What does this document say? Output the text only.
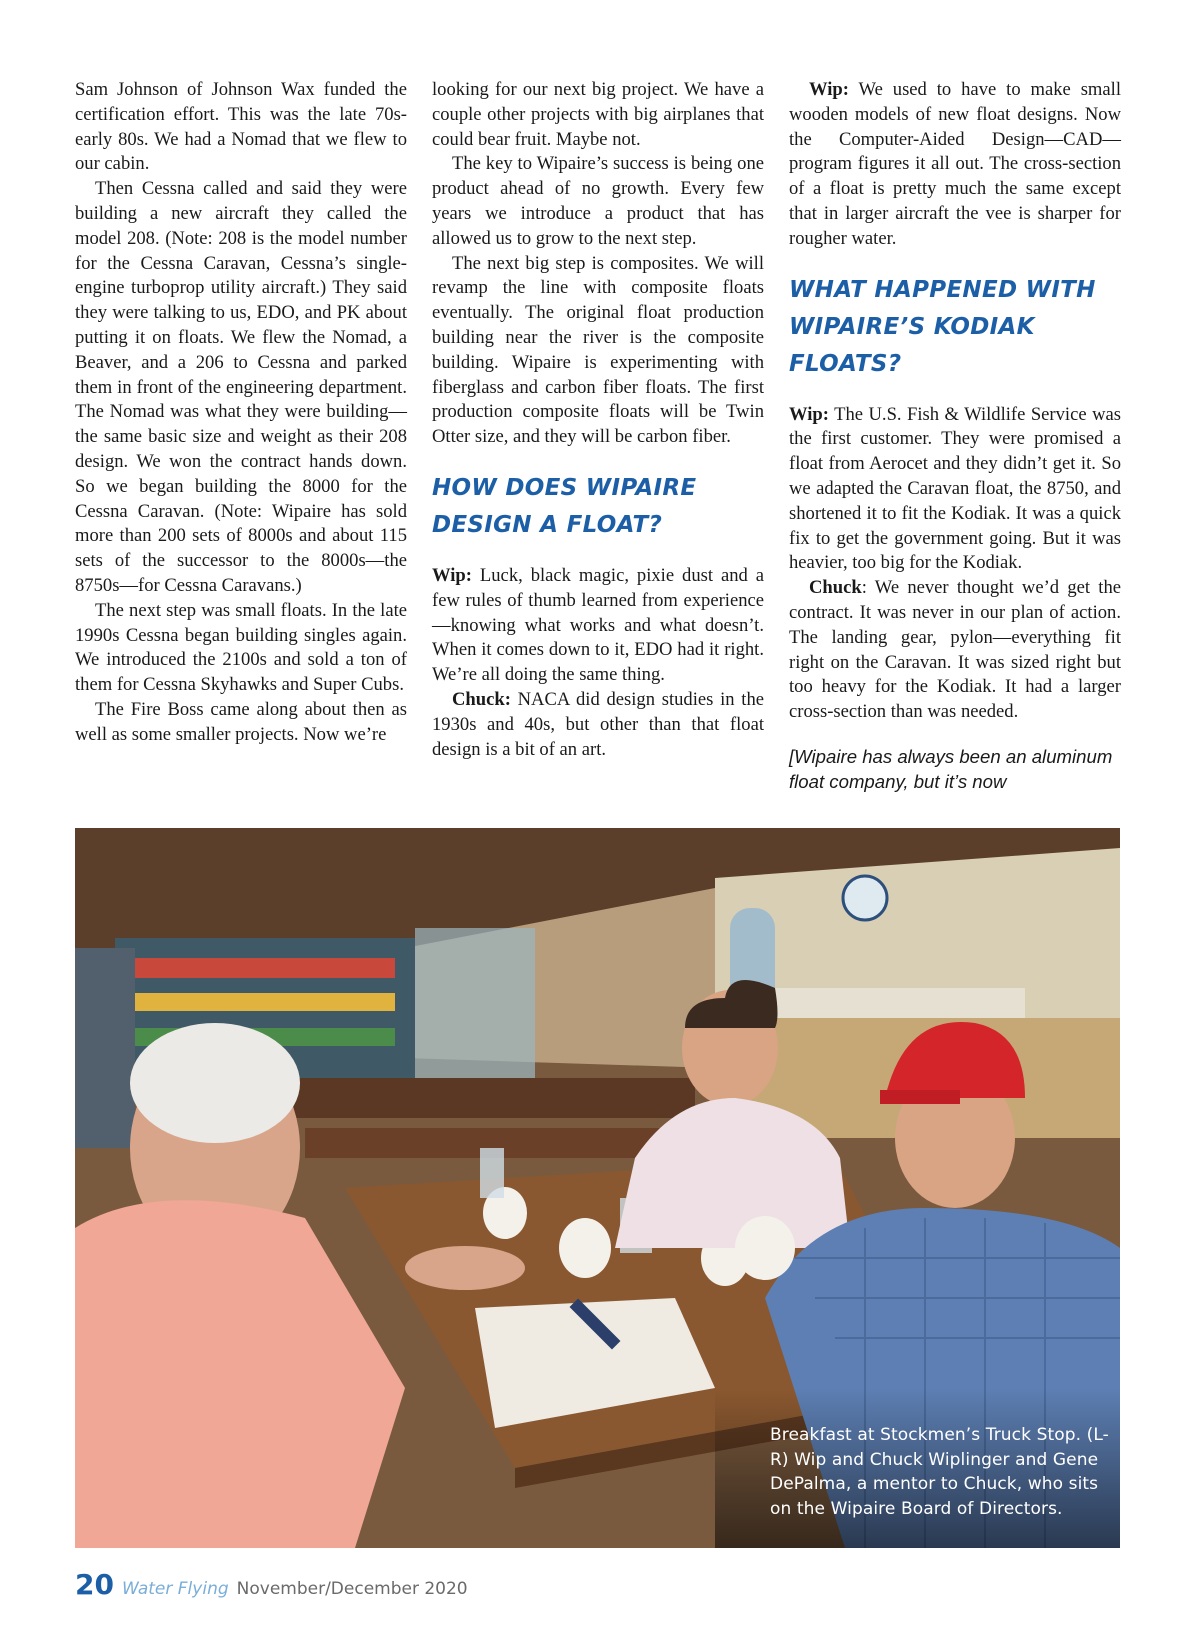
Sam Johnson of Johnson Wax funded the certification effort. This was the late 70s-early 80s. We had a Nomad that we flew to our cabin.

Then Cessna called and said they were building a new aircraft they called the model 208. (Note: 208 is the model number for the Cessna Caravan, Cessna’s single-engine turboprop utility aircraft.) They said they were talking to us, EDO, and PK about putting it on floats. We flew the Nomad, a Beaver, and a 206 to Cessna and parked them in front of the engineering department. The Nomad was what they were building—the same basic size and weight as their 208 design. We won the contract hands down. So we began building the 8000 for the Cessna Caravan. (Note: Wipaire has sold more than 200 sets of 8000s and about 115 sets of the successor to the 8000s—the 8750s—for Cessna Caravans.)

The next step was small floats. In the late 1990s Cessna began building singles again. We introduced the 2100s and sold a ton of them for Cessna Skyhawks and Super Cubs.

The Fire Boss came along about then as well as some smaller projects. Now we’re

looking for our next big project. We have a couple other projects with big airplanes that could bear fruit. Maybe not.

The key to Wipaire’s success is being one product ahead of no growth. Every few years we introduce a product that has allowed us to grow to the next step.

The next big step is composites. We will revamp the line with composite floats eventually. The original float production building near the river is the composite building. Wipaire is experimenting with fiberglass and carbon fiber floats. The first production composite floats will be Twin Otter size, and they will be carbon fiber.

HOW DOES WIPAIRE DESIGN A FLOAT?

Wip: Luck, black magic, pixie dust and a few rules of thumb learned from experience—knowing what works and what doesn’t. When it comes down to it, EDO had it right. We’re all doing the same thing.

Chuck: NACA did design studies in the 1930s and 40s, but other than that float design is a bit of an art.

Wip: We used to have to make small wooden models of new float designs. Now the Computer-Aided Design—CAD—program figures it all out. The cross-section of a float is pretty much the same except that in larger aircraft the vee is sharper for rougher water.

WHAT HAPPENED WITH WIPAIRE’S KODIAK FLOATS?

Wip: The U.S. Fish & Wildlife Service was the first customer. They were promised a float from Aerocet and they didn’t get it. So we adapted the Caravan float, the 8750, and shortened it to fit the Kodiak. It was a quick fix to get the government going. But it was heavier, too big for the Kodiak.

Chuck: We never thought we’d get the contract. It was never in our plan of action. The landing gear, pylon—everything fit right on the Caravan. It was sized right but too heavy for the Kodiak. It had a larger cross-section than was needed.

[Wipaire has always been an aluminum float company, but it’s now

Breakfast at Stockmen’s Truck Stop. (L-R) Wip and Chuck Wiplinger and Gene DePalma, a mentor to Chuck, who sits on the Wipaire Board of Directors.
20 Water Flying November/December 2020
